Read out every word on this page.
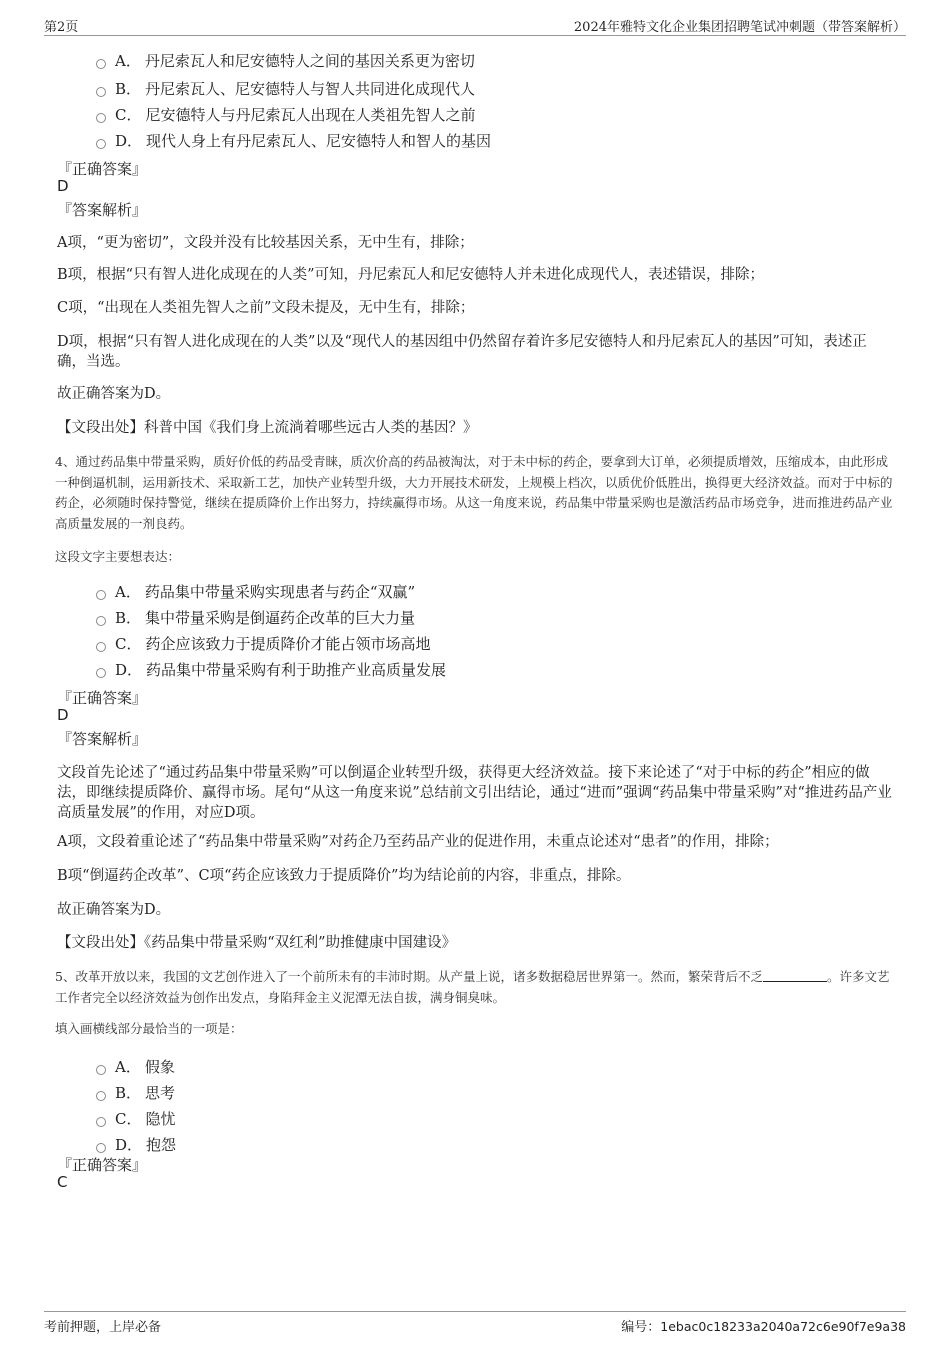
第2页	2024年雅特文化企业集团招聘笔试冲刺题（带答案解析）
A． 丹尼索瓦人和尼安德特人之间的基因关系更为密切
B． 丹尼索瓦人、尼安德特人与智人共同进化成现代人
C． 尼安德特人与丹尼索瓦人出现在人类祖先智人之前
D． 现代人身上有丹尼索瓦人、尼安德特人和智人的基因
『正确答案』
D
『答案解析』
A项，“更为密切”，文段并没有比较基因关系，无中生有，排除；
B项，根据“只有智人进化成现在的人类”可知，丹尼索瓦人和尼安德特人并未进化成现代人，表述错误，排除；
C项，“出现在人类祖先智人之前”文段未提及，无中生有，排除；
D项，根据“只有智人进化成现在的人类”以及“现代人的基因组中仍然留存着许多尼安德特人和丹尼索瓦人的基因”可知，表述正确，当选。
故正确答案为D。
【文段出处】科普中国《我们身上流淌着哪些远古人类的基因？》
4、通过药品集中带量采购，质好价低的药品受青睐，质次价高的药品被淘汰，对于未中标的药企，要拿到大订单，必须提质增效，压缩成本，由此形成一种倒逼机制，运用新技术、采取新工艺，加快产业转型升级，大力开展技术研发，上规模上档次，以质优价低胜出，换得更大经济效益。而对于中标的药企，必须随时保持警觉，继续在提质降价上作出努力，持续赢得市场。从这一角度来说，药品集中带量采购也是激活药品市场竞争，进而推进药品产业高质量发展的一剂良药。
这段文字主要想表达：
A． 药品集中带量采购实现患者与药企“双赢”
B． 集中带量采购是倒逼药企改革的巨大力量
C． 药企应该致力于提质降价才能占领市场高地
D． 药品集中带量采购有利于助推产业高质量发展
『正确答案』
D
『答案解析』
文段首先论述了“通过药品集中带量采购”可以倒逼企业转型升级，获得更大经济效益。接下来论述了“对于中标的药企”相应的做法，即继续提质降价、赢得市场。尾句“从这一角度来说”总结前文引出结论，通过“进而”强调“药品集中带量采购”对“推进药品产业高质量发展”的作用，对应D项。
A项，文段着重论述了“药品集中带量采购”对药企乃至药品产业的促进作用，未重点论述对“患者”的作用，排除；
B项“倒逼药企改革”、C项“药企应该致力于提质降价”均为结论前的内容，非重点，排除。
故正确答案为D。
【文段出处】《药品集中带量采购“双红利”助推健康中国建设》
5、改革开放以来，我国的文艺创作进入了一个前所未有的丰沛时期。从产量上说，诸多数据稳居世界第一。然而，繁荣背后不乏	。许多文艺工作者完全以经济效益为创作出发点，身陷拜金主义泥潭无法自拔，满身铜臭味。
填入画横线部分最恰当的一项是：
A． 假象
B． 思考
C． 隐忧
D． 抱怨
『正确答案』
C
考前押题，上岸必备	编号：1ebac0c18233a2040a72c6e90f7e9a38
